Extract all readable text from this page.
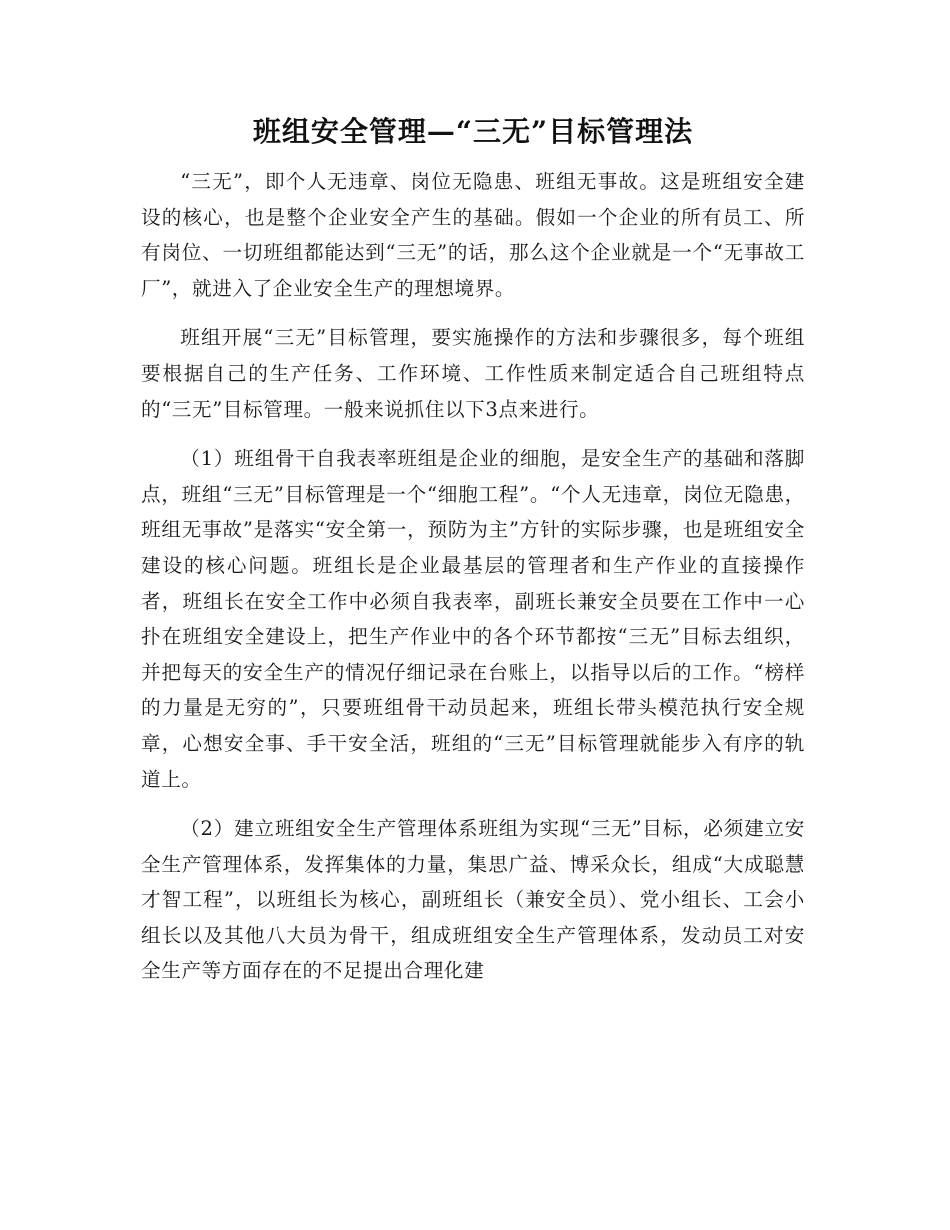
班组安全管理—“三无”目标管理法

“三无”，即个人无违章、岗位无隐患、班组无事故。这是班组安全建设的核心，也是整个企业安全产生的基础。假如一个企业的所有员工、所有岗位、一切班组都能达到“三无”的话，那么这个企业就是一个“无事故工厂”，就进入了企业安全生产的理想境界。

班组开展“三无”目标管理，要实施操作的方法和步骤很多，每个班组要根据自己的生产任务、工作环境、工作性质来制定适合自己班组特点的“三无”目标管理。一般来说抓住以下3点来进行。

（1）班组骨干自我表率班组是企业的细胞，是安全生产的基础和落脚点，班组“三无”目标管理是一个“细胞工程”。“个人无违章，岗位无隐患，班组无事故”是落实“安全第一，预防为主”方针的实际步骤，也是班组安全建设的核心问题。班组长是企业最基层的管理者和生产作业的直接操作者，班组长在安全工作中必须自我表率，副班长兼安全员要在工作中一心扑在班组安全建设上，把生产作业中的各个环节都按“三无”目标去组织，并把每天的安全生产的情况仔细记录在台账上，以指导以后的工作。“榜样的力量是无穷的”，只要班组骨干动员起来，班组长带头模范执行安全规章，心想安全事、手干安全活，班组的“三无”目标管理就能步入有序的轨道上。

（2）建立班组安全生产管理体系班组为实现“三无”目标，必须建立安全生产管理体系，发挥集体的力量，集思广益、博采众长，组成“大成聪慧才智工程”，以班组长为核心，副班组长（兼安全员）、党小组长、工会小组长以及其他八大员为骨干，组成班组安全生产管理体系，发动员工对安全生产等方面存在的不足提出合理化建
